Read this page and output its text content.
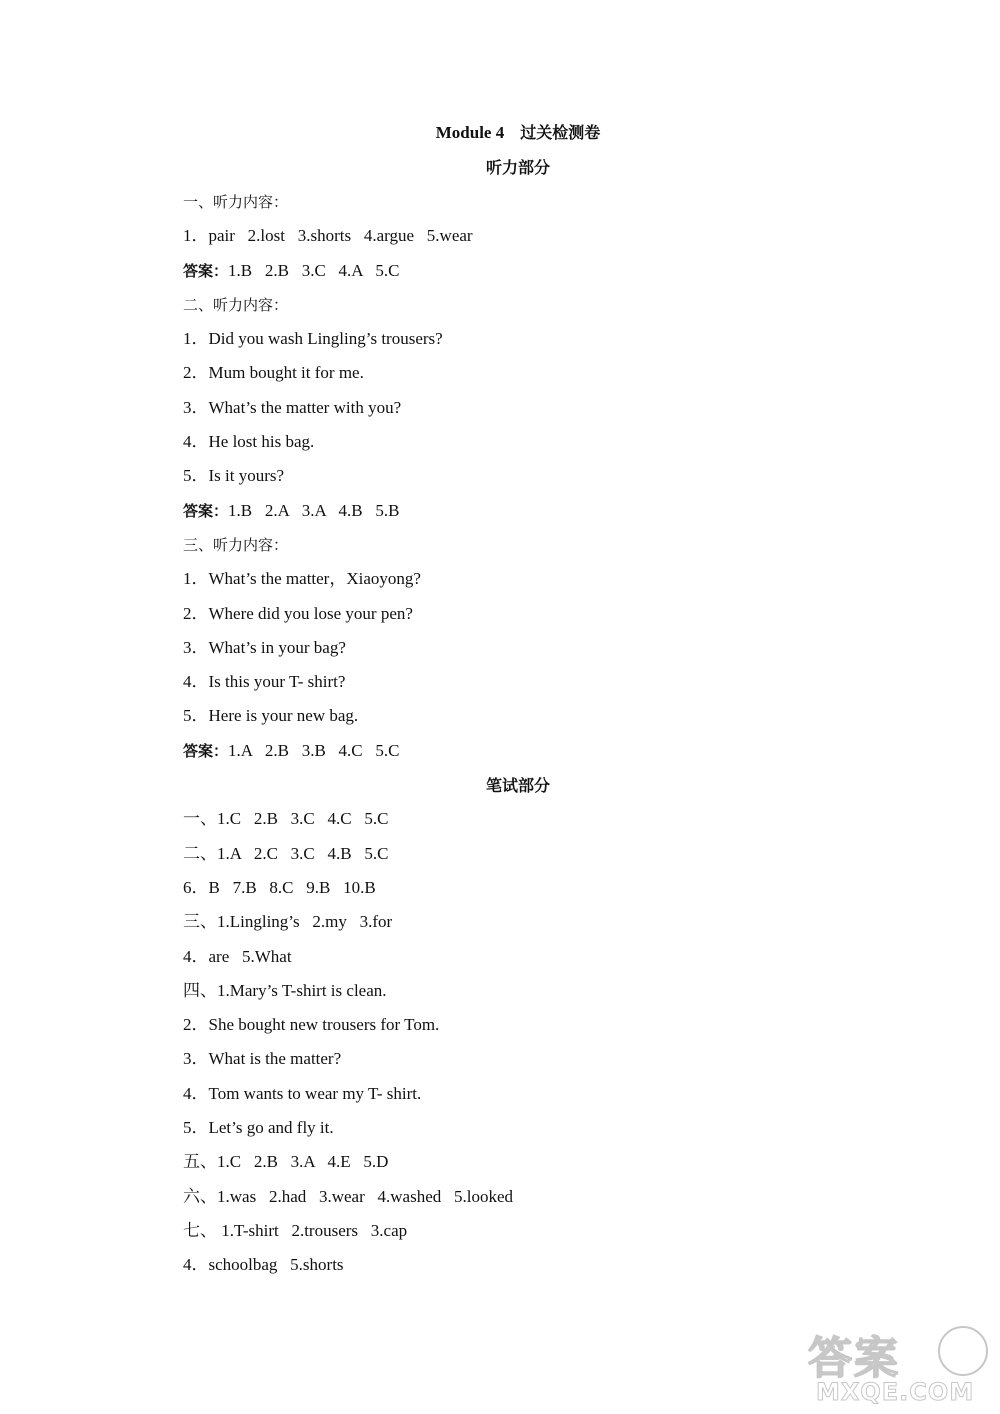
Module 4 过关检测卷
听力部分
一、听力内容：
1．pair   2.lost   3.shorts   4.argue   5.wear
答案：1.B   2.B   3.C   4.A   5.C
二、听力内容：
1．Did you wash Lingling’s trousers?
2．Mum bought it for me.
3．What’s the matter with you?
4．He lost his bag.
5．Is it yours?
答案：1.B   2.A   3.A   4.B   5.B
三、听力内容：
1．What’s the matter，Xiaoyong?
2．Where did you lose your pen?
3．What’s in your bag?
4．Is this your T- shirt?
5．Here is your new bag.
答案：1.A   2.B   3.B   4.C   5.C
一、1.C   2.B   3.C   4.C   5.C
二、1.A   2.C   3.C   4.B   5.C
6．B   7.B   8.C   9.B   10.B
三、1.Lingling’s   2.my   3.for
4．are   5.What
四、1.Mary’s T-shirt is clean.
2．She bought new trousers for Tom.
3．What is the matter?
4．Tom wants to wear my T- shirt.
5．Let’s go and fly it.
五、1.C   2.B   3.A   4.E   5.D
六、1.was   2.had   3.wear   4.washed   5.looked
七、 1.T-shirt   2.trousers   3.cap
4．schoolbag   5.shorts
笔试部分
答案
MXQE.COM
